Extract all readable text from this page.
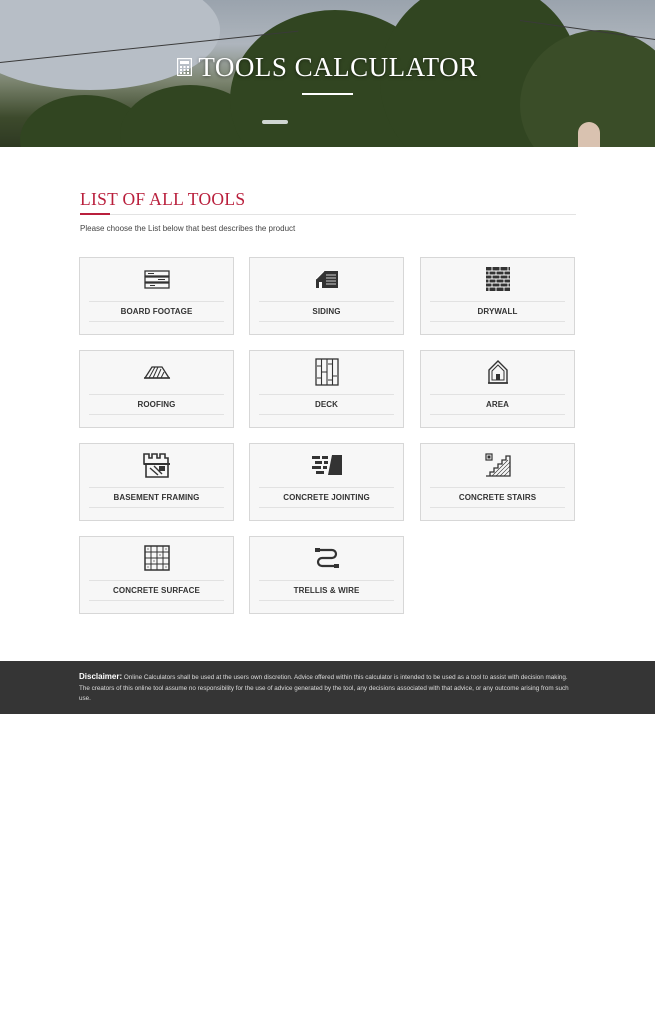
TOOLS CALCULATOR
LIST OF ALL TOOLS
Please choose the List below that best describes the product
BOARD FOOTAGE	SIDING	DRYWALL
ROOFING	DECK	AREA
BASEMENT FRAMING	CONCRETE JOINTING	CONCRETE STAIRS
CONCRETE SURFACE	TRELLIS & WIRE
Disclaimer: Online Calculators shall be used at the users own discretion. Advice offered within this calculator is intended to be used as a tool to assist with decision making. The creators of this online tool assume no responsibility for the use of advice generated by the tool, any decisions associated with that advice, or any outcome arising from such use.
